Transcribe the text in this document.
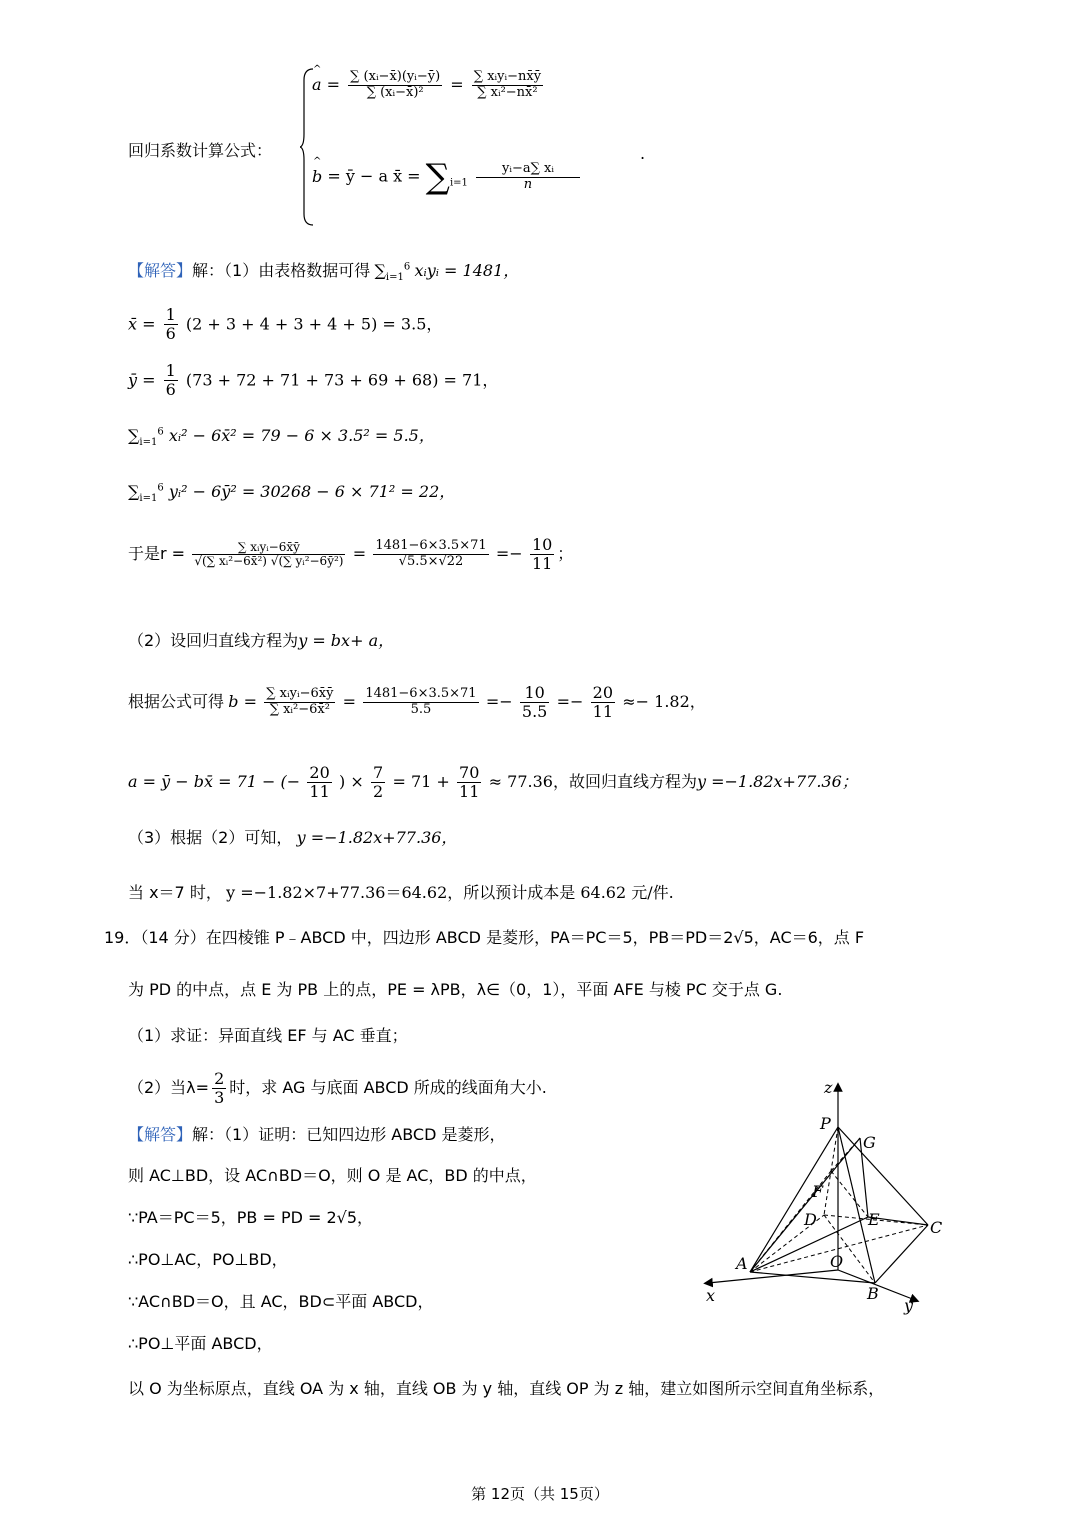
回归系数计算公式：
^ $a = \frac{\text{∑ (xᵢ−x̄)(yᵢ−ȳ)}}{\text{∑ (xᵢ−x̄)²}} = \frac{\text{∑ xᵢyᵢ−nx̄ȳ}}{\text{∑ xᵢ²−nx̄²}}$
.
^ b = ȳ − a x̄ = $\sum_{i=1} \frac{\text{yᵢ−a∑ xᵢ}}{n}$
【解答】解：（1）由表格数据可得 $\sum_{i=1}^6$ xᵢyᵢ = 1481，
x̄ = $\frac{1}{6} (2 + 3 + 4 + 3 + 4 + 5) = 3.5$，
ȳ = $\frac{1}{6} (73 + 72 + 71 + 73 + 69 + 68) = 71$，
$\sum_{i=1}^6$ xᵢ² − 6x̄² = 79 − 6 × 3.5² = 5.5，
$\sum_{i=1}^6$ yᵢ² − 6ȳ² = 30268 − 6 × 71² = 22，
于是$r = \frac{\text{∑ xᵢyᵢ−6x̄ȳ}}{\text{√(∑ xᵢ²−6x̄²) √(∑ yᵢ²−6ȳ²)}} = \frac{1481-6\times 3.5\times 71}{√5.5\times√22} =- \frac{10}{11}$ ；
（2）设回归直线方程为y = bx+ a，
根据公式可得 $b = \frac{\text{∑ xᵢyᵢ−6x̄ȳ}}{\text{∑ xᵢ²−6x̄²}} = \frac{1481-6\times 3.5\times 71}{5.5} =- \frac{10}{5.5} =- \frac{20}{11} \approx- 1.82$，
a = ȳ − bx̄ = 71 − (− $\frac{20}{11}$ ) × $\frac{7}{2} = 71 + \frac{70}{11} \approx 77.36$，故回归直线方程为y =−1.82x+77.36；
（3）根据（2）可知， y =−1.82x+77.36，
当 x＝7 时， y =−1.82×7+77.36＝64.62，所以预计成本是 64.62 元/件.
19．（14 分）在四棱锥 P﹣ABCD 中，四边形 ABCD 是菱形，PA＝PC＝5，PB＝PD＝2√5，AC＝6，点 F
为 PD 的中点，点 E 为 PB 上的点，PE = λPB，λ∈（0，1），平面 AFE 与棱 PC 交于点 G.
（1）求证：异面直线 EF 与 AC 垂直；
（2）当$\lambda= \frac{2}{3}$ 时，求 AG 与底面 ABCD 所成的线面角大小.
【解答】解：（1）证明：已知四边形 ABCD 是菱形，
则 AC⊥BD，设 AC∩BD＝O，则 O 是 AC，BD 的中点，
∵PA＝PC＝5，PB = PD = 2√5，
∴PO⊥AC，PO⊥BD，
∵AC∩BD＝O，且 AC，BD⊂平面 ABCD，
∴PO⊥平面 ABCD，
以 O 为坐标原点，直线 OA 为 x 轴，直线 OB 为 y 轴，直线 OP 为 z 轴，建立如图所示空间直角坐标系，
z
P
G
F
D	E	C
A	O
B
x
y
第 12页（共 15页）
